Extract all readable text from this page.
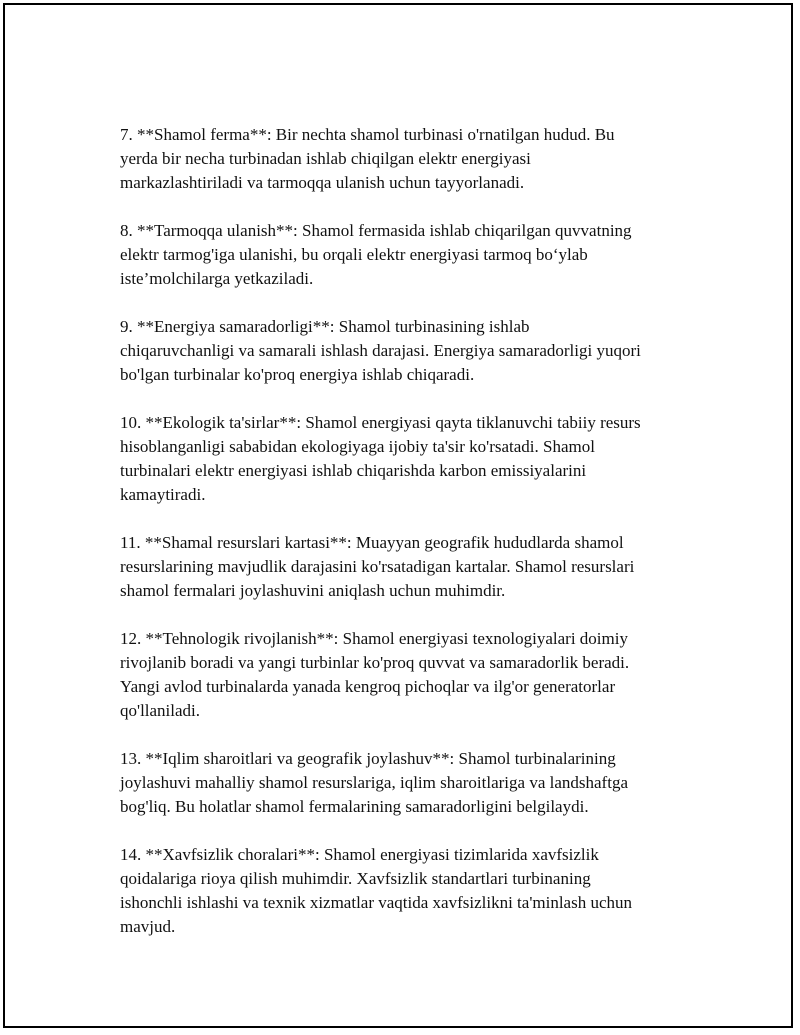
7. **Shamol ferma**: Bir nechta shamol turbinasi o'rnatilgan hudud. Bu
yerda bir necha turbinadan ishlab chiqilgan elektr energiyasi
markazlashtiriladi va tarmoqqa ulanish uchun tayyorlanadi.
8. **Tarmoqqa ulanish**: Shamol fermasida ishlab chiqarilgan quvvatning
elektr tarmog'iga ulanishi, bu orqali elektr energiyasi tarmoq bo‘ylab
iste’molchilarga yetkaziladi.
9. **Energiya samaradorligi**: Shamol turbinasining ishlab
chiqaruvchanligi va samarali ishlash darajasi. Energiya samaradorligi yuqori
bo'lgan turbinalar ko'proq energiya ishlab chiqaradi.
10. **Ekologik ta'sirlar**: Shamol energiyasi qayta tiklanuvchi tabiiy resurs
hisoblanganligi sababidan ekologiyaga ijobiy ta'sir ko'rsatadi. Shamol
turbinalari elektr energiyasi ishlab chiqarishda karbon emissiyalarini
kamaytiradi.
11. **Shamal resurslari kartasi**: Muayyan geografik hududlarda shamol
resurslarining mavjudlik darajasini ko'rsatadigan kartalar. Shamol resurslari
shamol fermalari joylashuvini aniqlash uchun muhimdir.
12. **Tehnologik rivojlanish**: Shamol energiyasi texnologiyalari doimiy
rivojlanib boradi va yangi turbinlar ko'proq quvvat va samaradorlik beradi.
Yangi avlod turbinalarda yanada kengroq pichoqlar va ilg'or generatorlar
qo'llaniladi.
13. **Iqlim sharoitlari va geografik joylashuv**: Shamol turbinalarining
joylashuvi mahalliy shamol resurslariga, iqlim sharoitlariga va landshaftga
bog'liq. Bu holatlar shamol fermalarining samaradorligini belgilaydi.
14. **Xavfsizlik choralari**: Shamol energiyasi tizimlarida xavfsizlik
qoidalariga rioya qilish muhimdir. Xavfsizlik standartlari turbinaning
ishonchli ishlashi va texnik xizmatlar vaqtida xavfsizlikni ta'minlash uchun
mavjud.
